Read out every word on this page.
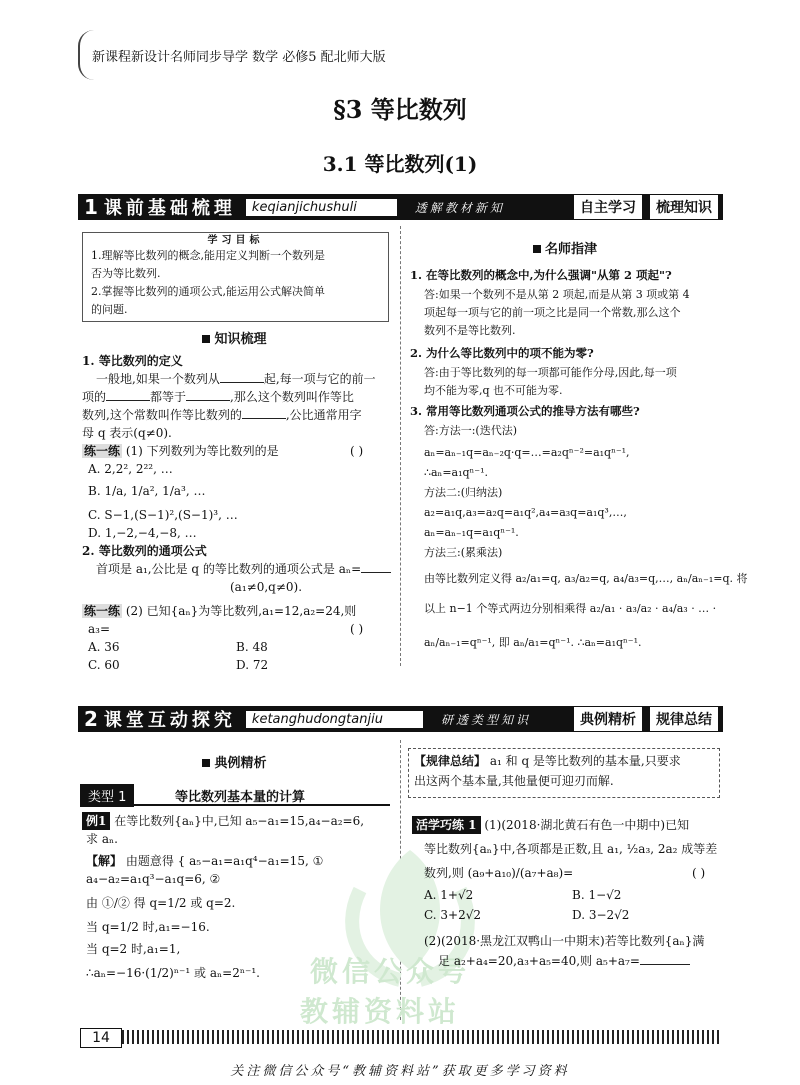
新课程新设计名师同步导学 数学 必修5 配北师大版
§3 等比数列
3.1 等比数列(1)
1 课前基础梳理	keqianjichushuli	透解教材新知	自主学习	梳理知识
学习目标
1.理解等比数列的概念,能用定义判断一个数列是
否为等比数列.
2.掌握等比数列的通项公式,能运用公式解决简单
的问题.
知识梳理
1. 等比数列的定义
一般地,如果一个数列从	起,每一项与它的前一
项的	都等于	,那么这个数列叫作等比
数列,这个常数叫作等比数列的	,公比通常用字
母 q 表示(q≠0).
练一练 (1) 下列数列为等比数列的是	( )
A. 2,2², 2²², …
B. 1/a, 1/a², 1/a³, …
C. S−1,(S−1)²,(S−1)³, …
D. 1,−2,−4,−8, …
2. 等比数列的通项公式
首项是 a₁,公比是 q 的等比数列的通项公式是 aₙ=
(a₁≠0,q≠0).
练一练 (2) 已知{aₙ}为等比数列,a₁=12,a₂=24,则
a₃=	( )
A. 36	B. 48
C. 60	D. 72
名师指津
1. 在等比数列的概念中,为什么强调"从第 2 项起"?
答:如果一个数列不是从第 2 项起,而是从第 3 项或第 4
项起每一项与它的前一项之比是同一个常数,那么这个
数列不是等比数列.
2. 为什么等比数列中的项不能为零?
答:由于等比数列的每一项都可能作分母,因此,每一项
均不能为零,q 也不可能为零.
3. 常用等比数列通项公式的推导方法有哪些?
答:方法一:(迭代法)
aₙ=aₙ₋₁q=aₙ₋₂q·q=…=a₂qⁿ⁻²=a₁qⁿ⁻¹,
∴aₙ=a₁qⁿ⁻¹.
方法二:(归纳法)
a₂=a₁q,a₃=a₂q=a₁q²,a₄=a₃q=a₁q³,…,
aₙ=aₙ₋₁q=a₁qⁿ⁻¹.
方法三:(累乘法)
由等比数列定义得 a₂/a₁=q, a₃/a₂=q, a₄/a₃=q,…, aₙ/aₙ₋₁=q. 将
以上 n−1 个等式两边分别相乘得 a₂/a₁ · a₃/a₂ · a₄/a₃ · … ·
aₙ/aₙ₋₁=qⁿ⁻¹, 即 aₙ/a₁=qⁿ⁻¹. ∴aₙ=a₁qⁿ⁻¹.
2 课堂互动探究	ketanghudongtanjiu	研透类型知识	典例精析	规律总结
微信公众号
教辅资料站
典例精析
类型 1	等比数列基本量的计算
例1 在等比数列{aₙ}中,已知 a₅−a₁=15,a₄−a₂=6,
求 aₙ.
【解】 由题意得 { a₅−a₁=a₁q⁴−a₁=15, ①
a₄−a₂=a₁q³−a₁q=6, ②
由 ①/② 得 q=1/2 或 q=2.
当 q=1/2 时,a₁=−16.
当 q=2 时,a₁=1,
∴aₙ=−16·(1/2)ⁿ⁻¹ 或 aₙ=2ⁿ⁻¹.
【规律总结】 a₁ 和 q 是等比数列的基本量,只要求
出这两个基本量,其他量便可迎刃而解.
活学巧练 1 (1)(2018·湖北黄石有色一中期中)已知
等比数列{aₙ}中,各项都是正数,且 a₁, ½a₃, 2a₂ 成等差
数列,则 (a₉+a₁₀)/(a₇+a₈)=	( )
A. 1+√2	B. 1−√2
C. 3+2√2	D. 3−2√2
(2)(2018·黑龙江双鸭山一中期末)若等比数列{aₙ}满
足 a₂+a₄=20,a₃+a₅=40,则 a₅+a₇=
14
关注微信公众号“教辅资料站”获取更多学习资料
